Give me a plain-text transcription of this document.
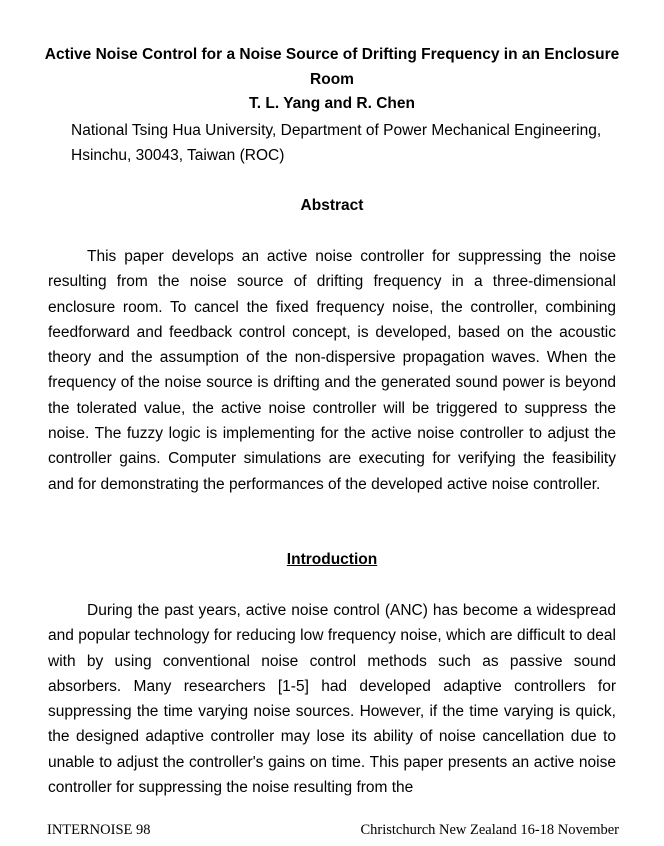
Active Noise Control for a Noise Source of Drifting Frequency in an Enclosure Room

T. L. Yang and R. Chen

National Tsing Hua University, Department of Power Mechanical Engineering, Hsinchu, 30043, Taiwan (ROC)

Abstract

This paper develops an active noise controller for suppressing the noise resulting from the noise source of drifting frequency in a three-dimensional enclosure room. To cancel the fixed frequency noise, the controller, combining feedforward and feedback control concept, is developed, based on the acoustic theory and the assumption of the non-dispersive propagation waves. When the frequency of the noise source is drifting and the generated sound power is beyond the tolerated value, the active noise controller will be triggered to suppress the noise. The fuzzy logic is implementing for the active noise controller to adjust the controller gains. Computer simulations are executing for verifying the feasibility and for demonstrating the performances of the developed active noise controller.

Introduction

During the past years, active noise control (ANC) has become a widespread and popular technology for reducing low frequency noise, which are difficult to deal with by using conventional noise control methods such as passive sound absorbers. Many researchers [1-5] had developed adaptive controllers for suppressing the time varying noise sources. However, if the time varying is quick, the designed adaptive controller may lose its ability of noise cancellation due to unable to adjust the controller's gains on time. This paper presents an active noise controller for suppressing the noise resulting from the

INTERNOISE 98	Christchurch New Zealand 16-18 November
